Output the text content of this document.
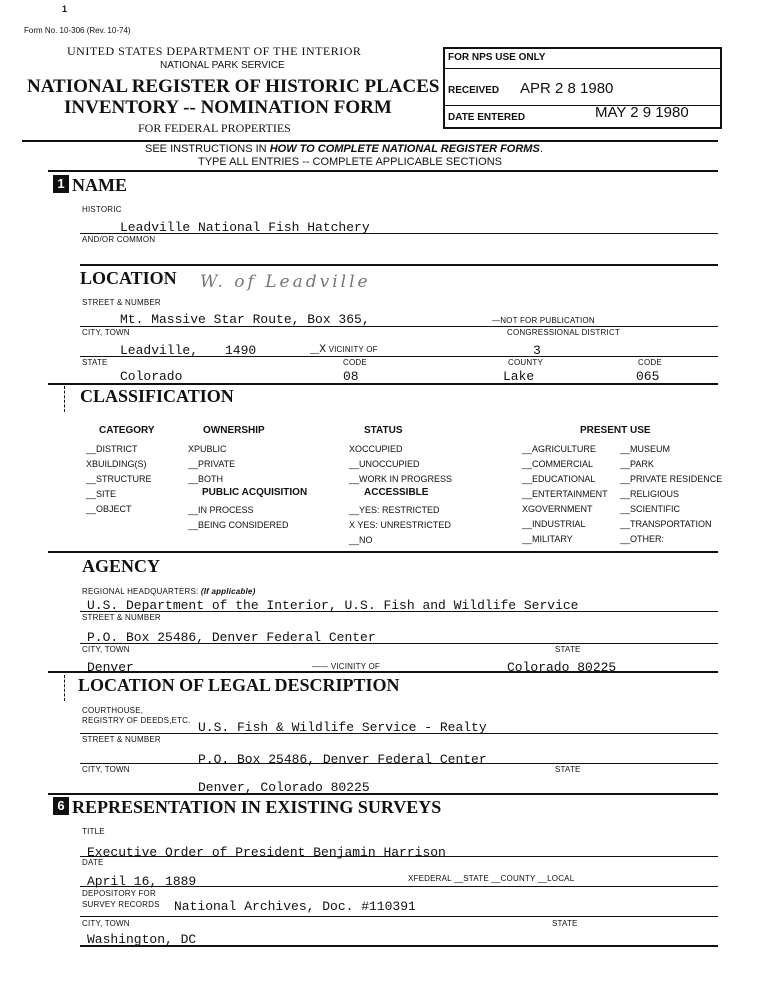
1
Form No. 10-306 (Rev. 10-74)
UNITED STATES DEPARTMENT OF THE INTERIOR
NATIONAL PARK SERVICE
NATIONAL REGISTER OF HISTORIC PLACES
INVENTORY -- NOMINATION FORM
FOR FEDERAL PROPERTIES
FOR NPS USE ONLY
RECEIVED APR 2 8 1980
DATE ENTERED	MAY 2 9 1980
SEE INSTRUCTIONS IN HOW TO COMPLETE NATIONAL REGISTER FORMS.
TYPE ALL ENTRIES -- COMPLETE APPLICABLE SECTIONS
1 NAME
HISTORIC
Leadville National Fish Hatchery
AND/OR COMMON
LOCATION W. of Leadville
STREET & NUMBER
Mt. Massive Star Route, Box 365,	—NOT FOR PUBLICATION
CITY, TOWN	CONGRESSIONAL DISTRICT
Leadville, 1490	__X VICINITY OF	3
STATE	CODE	COUNTY	CODE
Colorado	08	Lake	065
CLASSIFICATION
CATEGORY
__DISTRICT
XBUILDING(S)
__STRUCTURE
__SITE
__OBJECT
OWNERSHIP
XPUBLIC
__PRIVATE
__BOTH
PUBLIC ACQUISITION
__IN PROCESS
__BEING CONSIDERED
STATUS
XOCCUPIED
__UNOCCUPIED
__WORK IN PROGRESS
ACCESSIBLE
__YES: RESTRICTED
X YES: UNRESTRICTED
__NO
PRESENT USE
__AGRICULTURE
__COMMERCIAL
__EDUCATIONAL
__ENTERTAINMENT
XGOVERNMENT
__INDUSTRIAL
__MILITARY
__MUSEUM
__PARK
__PRIVATE RESIDENCE
__RELIGIOUS
__SCIENTIFIC
__TRANSPORTATION
__OTHER:
AGENCY
REGIONAL HEADQUARTERS: (If applicable)
U.S. Department of the Interior, U.S. Fish and Wildlife Service
STREET & NUMBER
P.O. Box 25486, Denver Federal Center
CITY, TOWN	STATE
Denver	—— VICINITY OF	Colorado 80225
LOCATION OF LEGAL DESCRIPTION
COURTHOUSE,
REGISTRY OF DEEDS,ETC. U.S. Fish & Wildlife Service - Realty
STREET & NUMBER
P.O. Box 25486, Denver Federal Center
CITY, TOWN	STATE
Denver, Colorado 80225
6 REPRESENTATION IN EXISTING SURVEYS
TITLE
Executive Order of President Benjamin Harrison
DATE
April 16, 1889	XFEDERAL __STATE __COUNTY __LOCAL
DEPOSITORY FOR
SURVEY RECORDS National Archives, Doc. #110391
CITY, TOWN	STATE
Washington, DC
